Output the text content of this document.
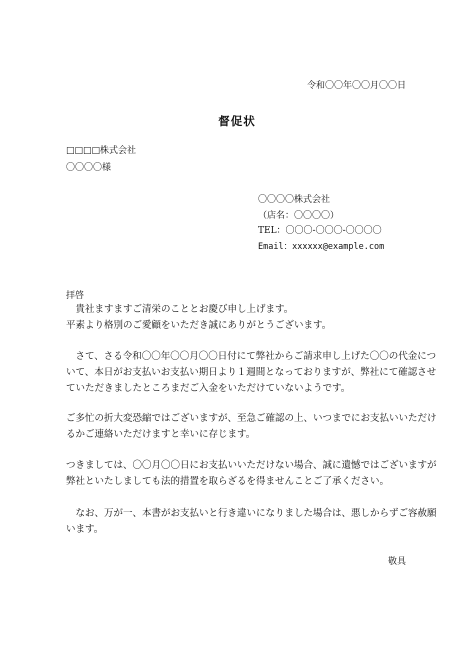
令和〇〇年〇〇月〇〇日
督促状
□□□□株式会社
〇〇〇〇様
〇〇〇〇株式会社
（店名：〇〇〇〇）
TEL：〇〇〇-〇〇〇-〇〇〇〇
Email：xxxxxx@example.com
拝啓

　貴社ますますご清栄のこととお慶び申し上げます。

平素より格別のご愛顧をいただき誠にありがとうございます。

　さて、さる令和〇〇年〇〇月〇〇日付にて弊社からご請求申し上げた〇〇の代金につ

いて、本日がお支払いお支払い期日より１週間となっておりますが、弊社にて確認させ

ていただきましたところまだご入金をいただけていないようです。

ご多忙の折大変恐縮ではございますが、至急ご確認の上、いつまでにお支払いいただけ

るかご連絡いただけますと幸いに存じます。

つきましては、〇〇月〇〇日にお支払いいただけない場合、誠に遺憾ではございますが

弊社といたしましても法的措置を取らざるを得ませんことご了承ください。

　なお、万が一、本書がお支払いと行き違いになりました場合は、悪しからずご容赦願

います。

敬具
